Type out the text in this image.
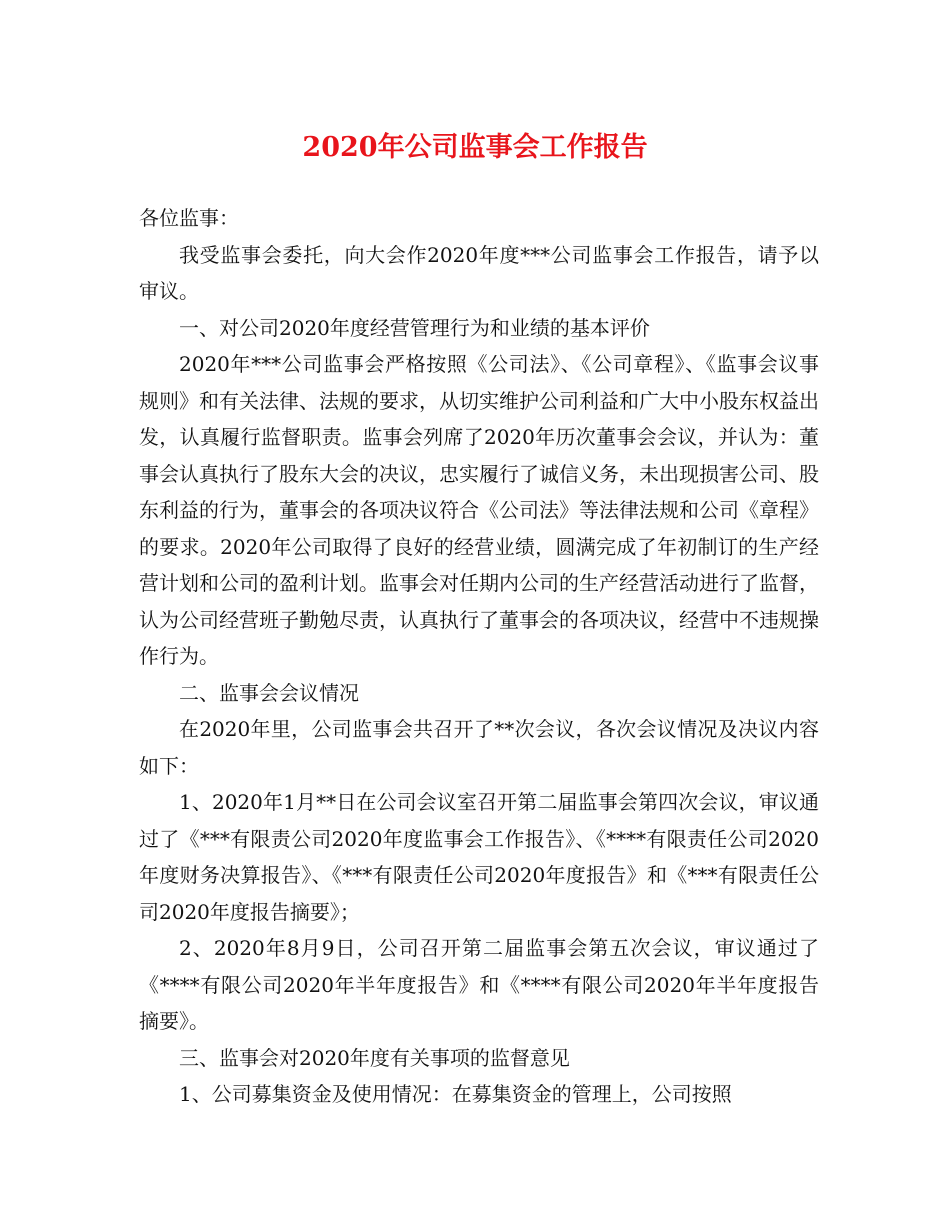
2020年公司监事会工作报告

各位监事：

我受监事会委托，向大会作2020年度***公司监事会工作报告，请予以审议。

一、对公司2020年度经营管理行为和业绩的基本评价

2020年***公司监事会严格按照《公司法》、《公司章程》、《监事会议事规则》和有关法律、法规的要求，从切实维护公司利益和广大中小股东权益出发，认真履行监督职责。监事会列席了2020年历次董事会会议，并认为：董事会认真执行了股东大会的决议，忠实履行了诚信义务，未出现损害公司、股东利益的行为，董事会的各项决议符合《公司法》等法律法规和公司《章程》的要求。2020年公司取得了良好的经营业绩，圆满完成了年初制订的生产经营计划和公司的盈利计划。监事会对任期内公司的生产经营活动进行了监督，认为公司经营班子勤勉尽责，认真执行了董事会的各项决议，经营中不违规操作行为。

二、监事会会议情况

在2020年里，公司监事会共召开了**次会议，各次会议情况及决议内容如下：

1、2020年1月**日在公司会议室召开第二届监事会第四次会议，审议通过了《***有限责公司2020年度监事会工作报告》、《****有限责任公司2020年度财务决算报告》、《***有限责任公司2020年度报告》和《***有限责任公司2020年度报告摘要》；

2、2020年8月9日，公司召开第二届监事会第五次会议，审议通过了《****有限公司2020年半年度报告》和《****有限公司2020年半年度报告摘要》。

三、监事会对2020年度有关事项的监督意见

1、公司募集资金及使用情况：在募集资金的管理上，公司按照
